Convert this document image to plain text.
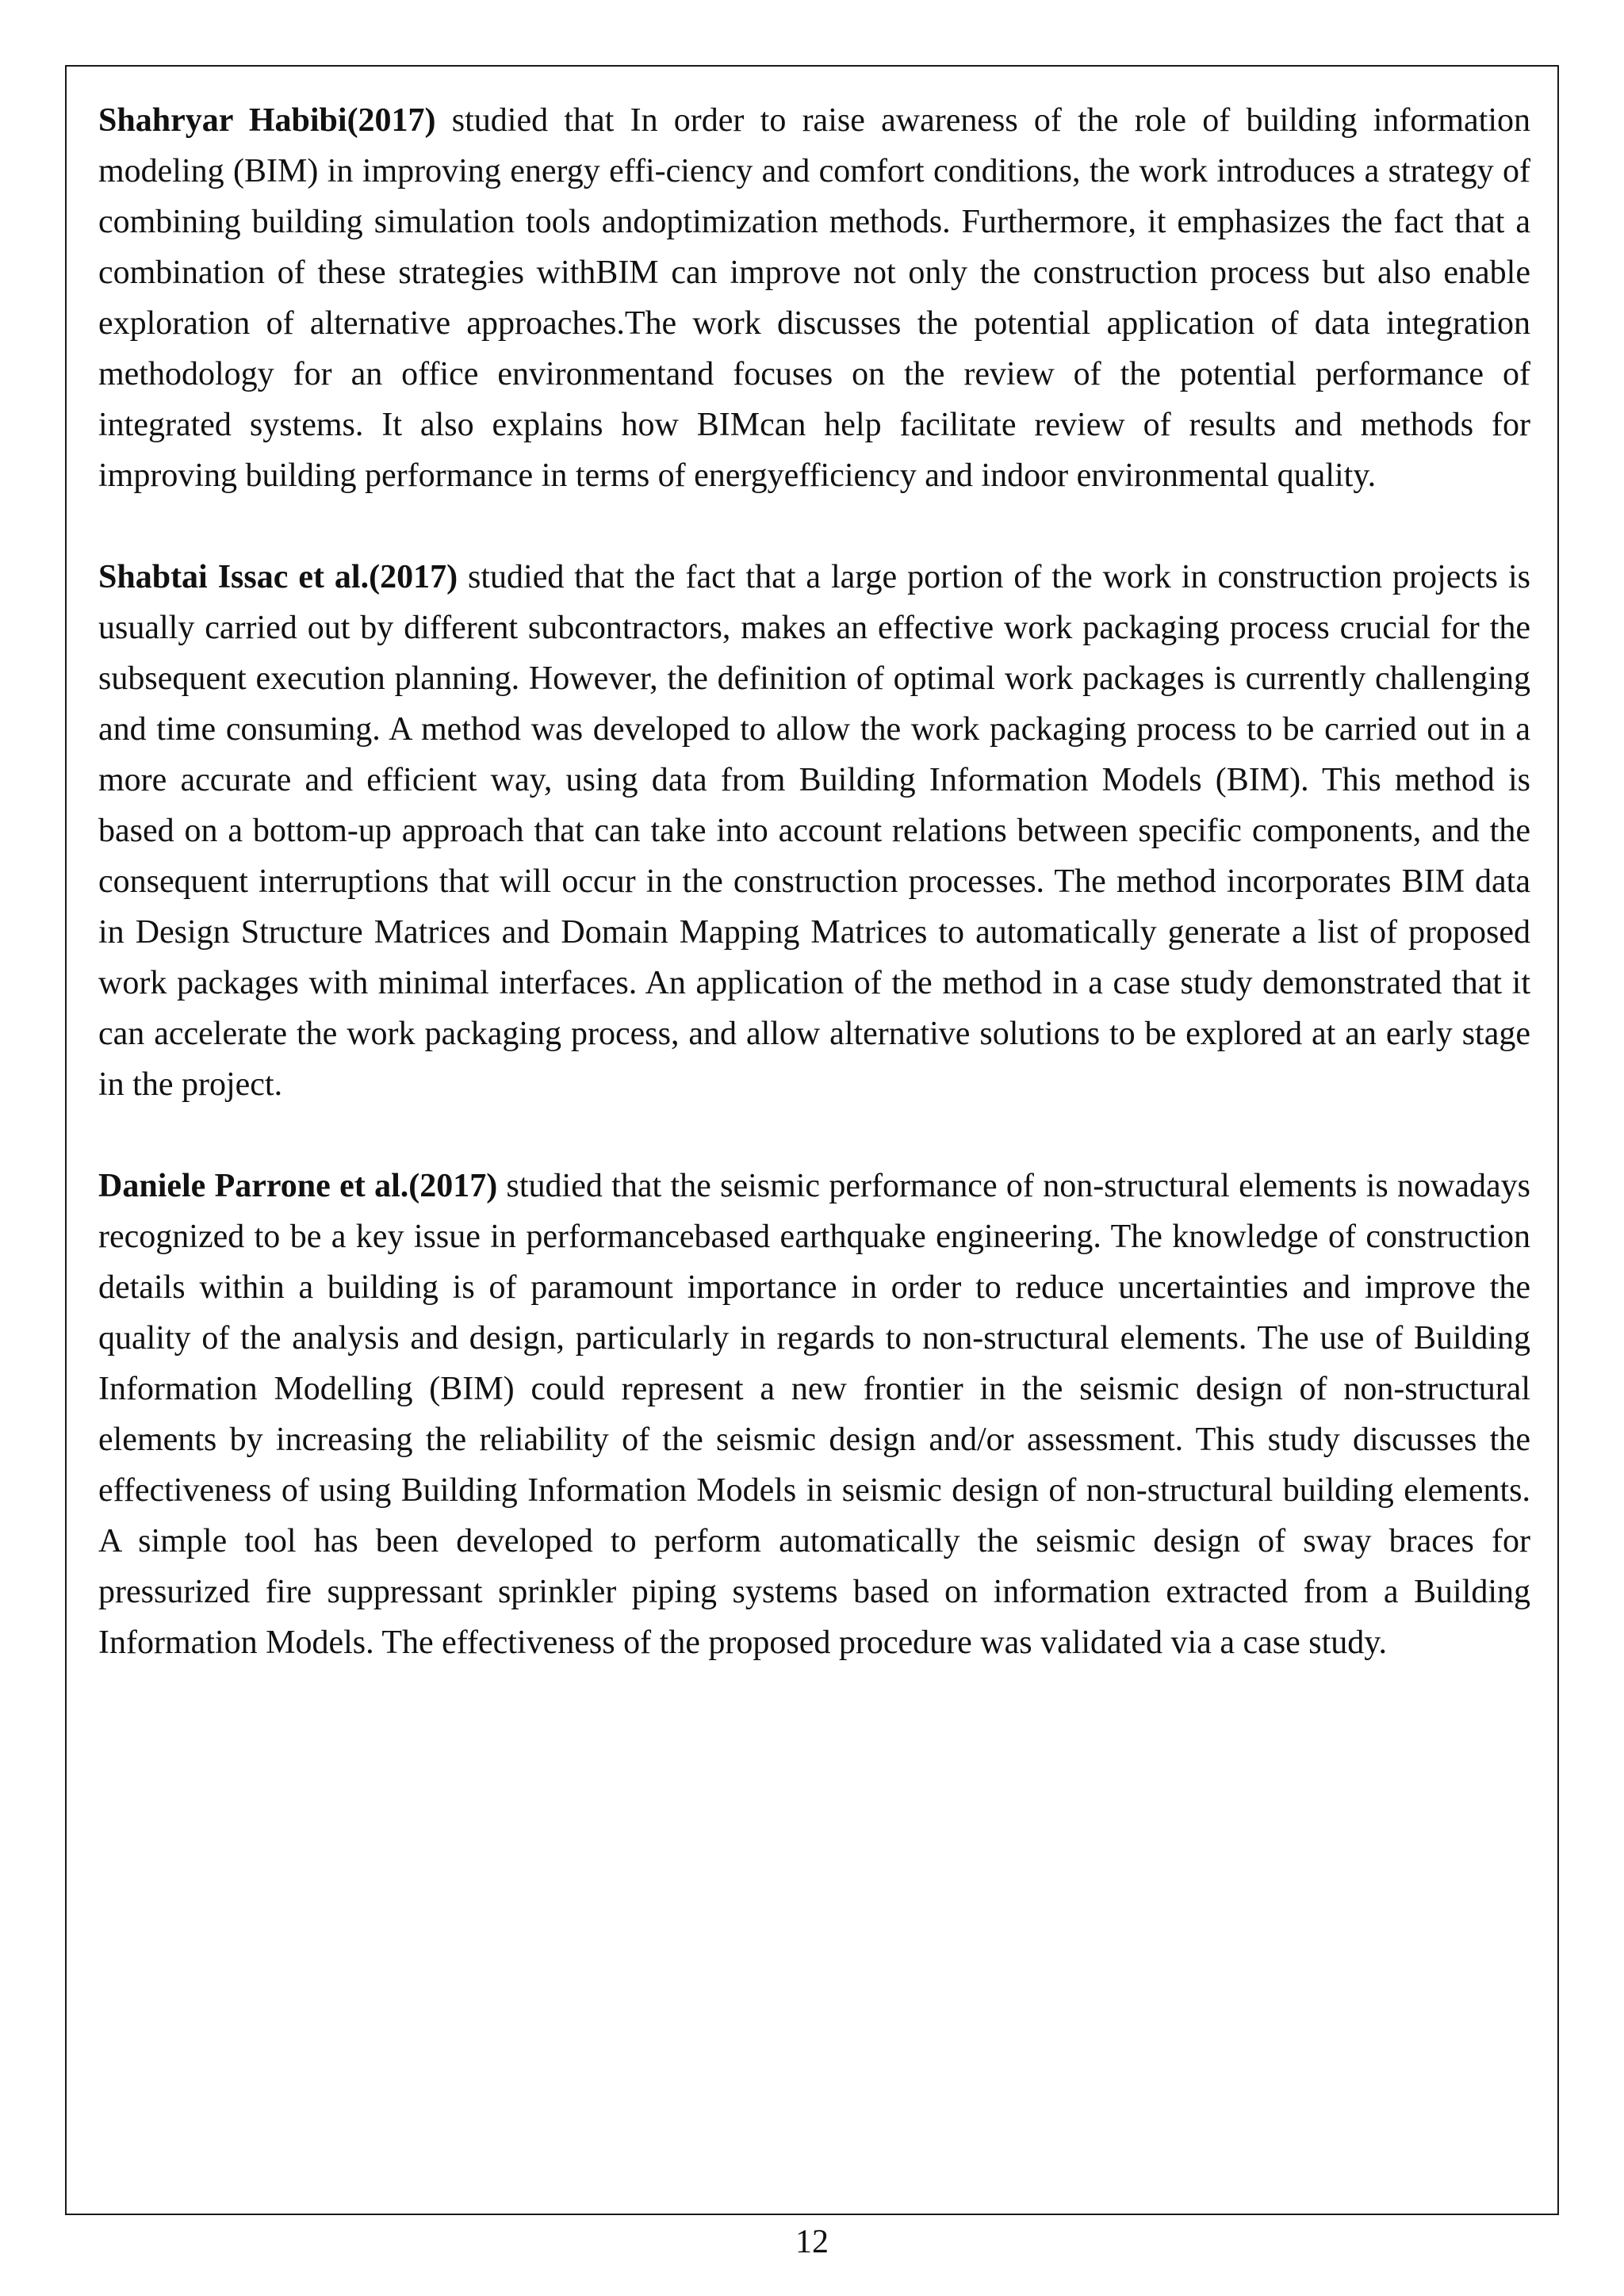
Shahryar Habibi(2017) studied that In order to raise awareness of the role of building information modeling (BIM) in improving energy effi-ciency and comfort conditions, the work introduces a strategy of combining building simulation tools andoptimization methods. Furthermore, it emphasizes the fact that a combination of these strategies withBIM can improve not only the construction process but also enable exploration of alternative approaches.The work discusses the potential application of data integration methodology for an office environmentand focuses on the review of the potential performance of integrated systems. It also explains how BIMcan help facilitate review of results and methods for improving building performance in terms of energyefficiency and indoor environmental quality.

Shabtai Issac et al.(2017) studied that the fact that a large portion of the work in construction projects is usually carried out by different subcontractors, makes an effective work packaging process crucial for the subsequent execution planning. However, the definition of optimal work packages is currently challenging and time consuming. A method was developed to allow the work packaging process to be carried out in a more accurate and efficient way, using data from Building Information Models (BIM). This method is based on a bottom-up approach that can take into account relations between specific components, and the consequent interruptions that will occur in the construction processes. The method incorporates BIM data in Design Structure Matrices and Domain Mapping Matrices to automatically generate a list of proposed work packages with minimal interfaces. An application of the method in a case study demonstrated that it can accelerate the work packaging process, and allow alternative solutions to be explored at an early stage in the project.

Daniele Parrone et al.(2017) studied that the seismic performance of non-structural elements is nowadays recognized to be a key issue in performancebased earthquake engineering. The knowledge of construction details within a building is of paramount importance in order to reduce uncertainties and improve the quality of the analysis and design, particularly in regards to non-structural elements. The use of Building Information Modelling (BIM) could represent a new frontier in the seismic design of non-structural elements by increasing the reliability of the seismic design and/or assessment. This study discusses the effectiveness of using Building Information Models in seismic design of non-structural building elements. A simple tool has been developed to perform automatically the seismic design of sway braces for pressurized fire suppressant sprinkler piping systems based on information extracted from a Building Information Models. The effectiveness of the proposed procedure was validated via a case study.

12
